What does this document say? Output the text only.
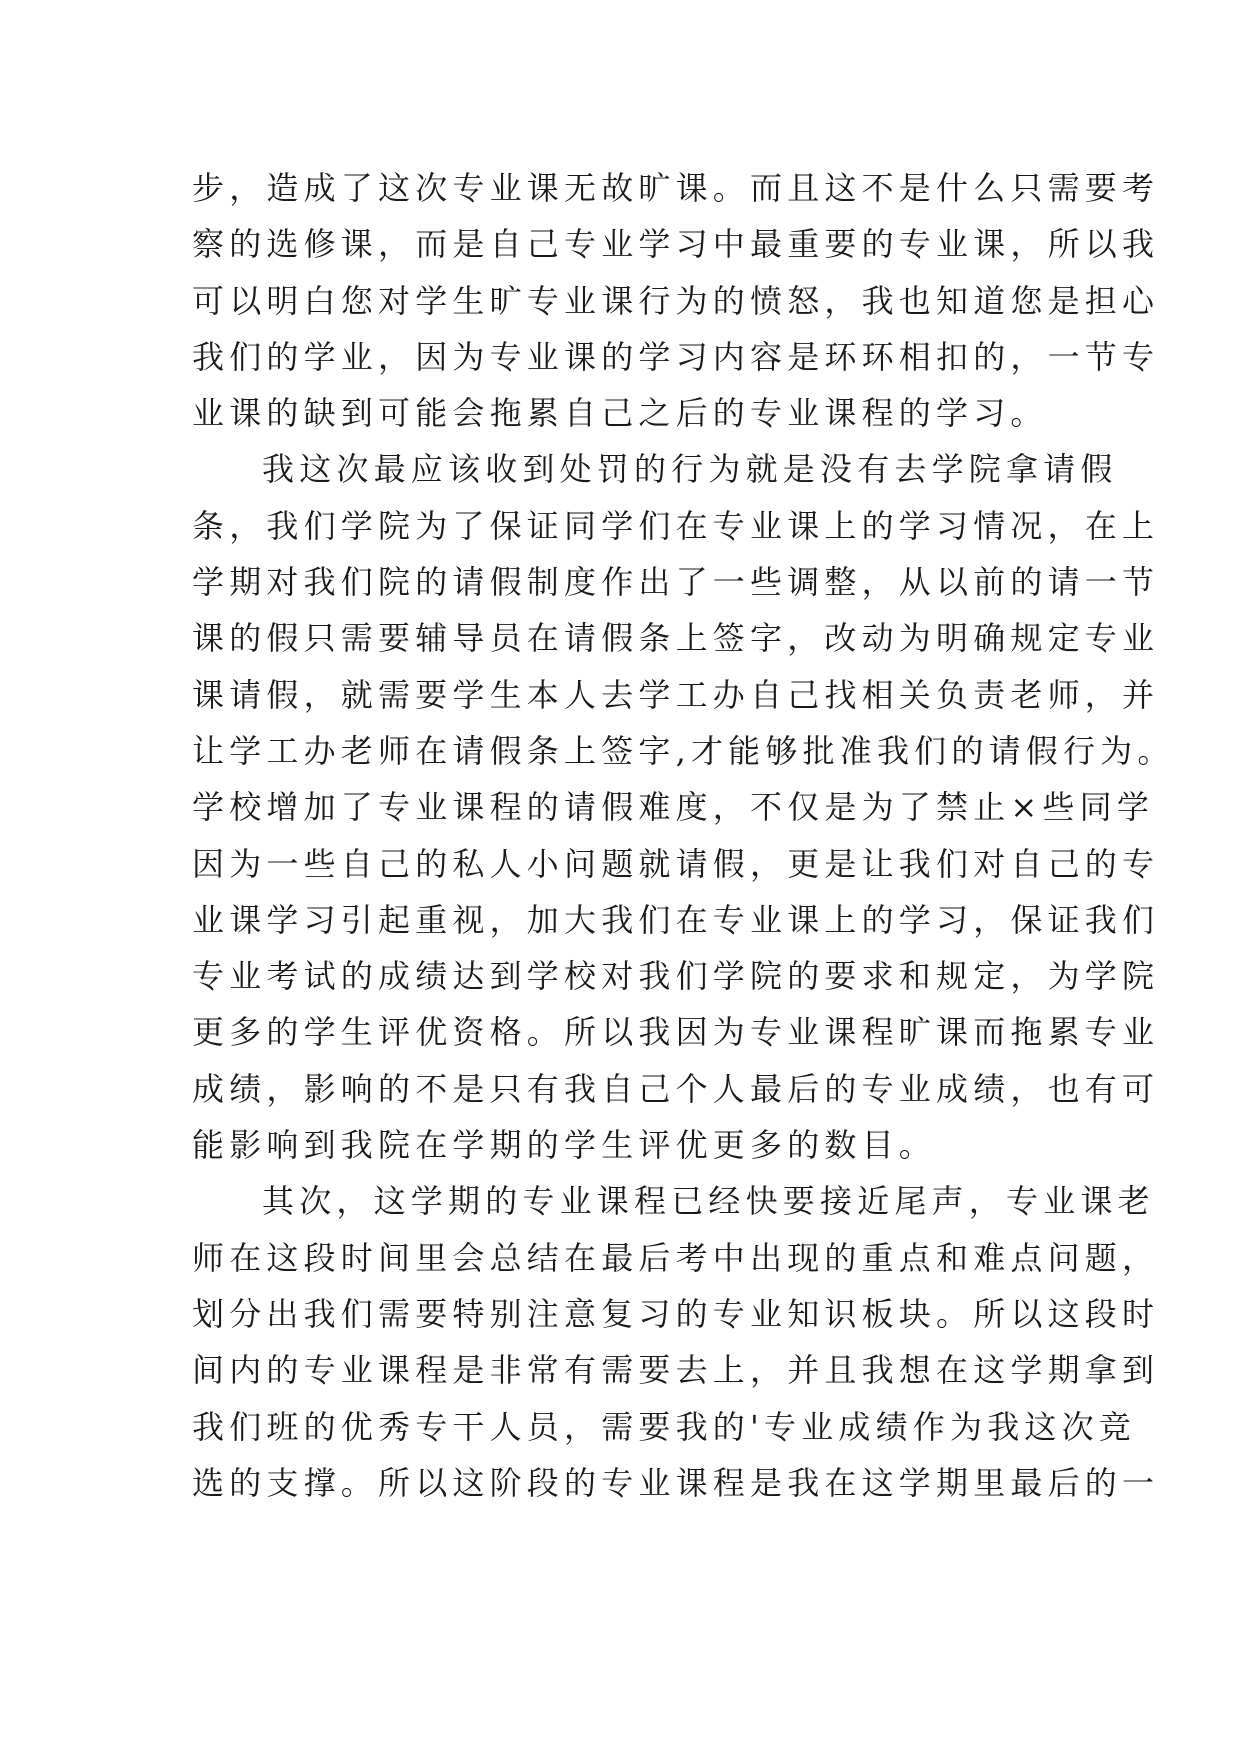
步，造成了这次专业课无故旷课。而且这不是什么只需要考
察的选修课，而是自己专业学习中最重要的专业课，所以我
可以明白您对学生旷专业课行为的愤怒，我也知道您是担心
我们的学业，因为专业课的学习内容是环环相扣的，一节专
业课的缺到可能会拖累自己之后的专业课程的学习。
我这次最应该收到处罚的行为就是没有去学院拿请假
条，我们学院为了保证同学们在专业课上的学习情况，在上
学期对我们院的请假制度作出了一些调整，从以前的请一节
课的假只需要辅导员在请假条上签字，改动为明确规定专业
课请假，就需要学生本人去学工办自己找相关负责老师，并
让学工办老师在请假条上签字,才能够批准我们的请假行为。
学校增加了专业课程的请假难度，不仅是为了禁止×些同学
因为一些自己的私人小问题就请假，更是让我们对自己的专
业课学习引起重视，加大我们在专业课上的学习，保证我们
专业考试的成绩达到学校对我们学院的要求和规定，为学院
更多的学生评优资格。所以我因为专业课程旷课而拖累专业
成绩，影响的不是只有我自己个人最后的专业成绩，也有可
能影响到我院在学期的学生评优更多的数目。
其次，这学期的专业课程已经快要接近尾声，专业课老
师在这段时间里会总结在最后考中出现的重点和难点问题，
划分出我们需要特别注意复习的专业知识板块。所以这段时
间内的专业课程是非常有需要去上，并且我想在这学期拿到
我们班的优秀专干人员，需要我的'专业成绩作为我这次竞
选的支撑。所以这阶段的专业课程是我在这学期里最后的一
